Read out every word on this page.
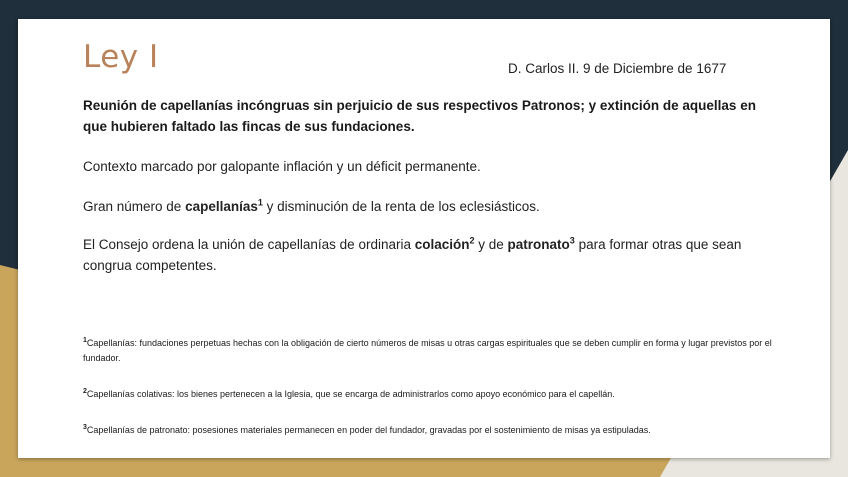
Ley I	D. Carlos II. 9 de Diciembre de 1677

Reunión de capellanías incóngruas sin perjuicio de sus respectivos Patronos; y extinción de aquellas en que hubieren faltado las fincas de sus fundaciones.

Contexto marcado por galopante inflación y un déficit permanente.

Gran número de capellanías$^1$ y disminución de la renta de los eclesiásticos.

El Consejo ordena la unión de capellanías de ordinaria colación$^2$ y de patronato$^3$ para formar otras que sean congrua competentes.

$^1$Capellanías: fundaciones perpetuas hechas con la obligación de cierto números de misas u otras cargas espirituales que se deben cumplir en forma y lugar previstos por el fundador.

$^2$Capellanías colativas: los bienes pertenecen a la Iglesia, que se encarga de administrarlos como apoyo económico para el capellán.

$^3$Capellanías de patronato: posesiones materiales permanecen en poder del fundador, gravadas por el sostenimiento de misas ya estipuladas.
